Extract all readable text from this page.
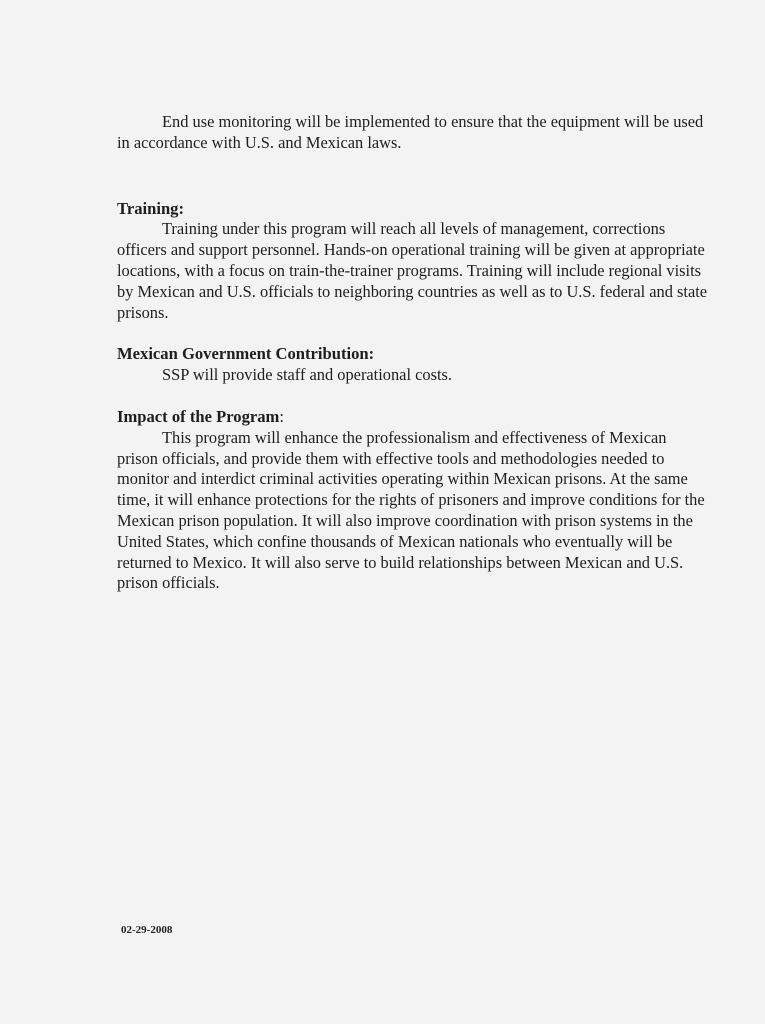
End use monitoring will be implemented to ensure that the equipment will be used in accordance with U.S. and Mexican laws.

Training:

Training under this program will reach all levels of management, corrections officers and support personnel. Hands-on operational training will be given at appropriate locations, with a focus on train-the-trainer programs. Training will include regional visits by Mexican and U.S. officials to neighboring countries as well as to U.S. federal and state prisons.

Mexican Government Contribution:

SSP will provide staff and operational costs.

Impact of the Program:

This program will enhance the professionalism and effectiveness of Mexican prison officials, and provide them with effective tools and methodologies needed to monitor and interdict criminal activities operating within Mexican prisons. At the same time, it will enhance protections for the rights of prisoners and improve conditions for the Mexican prison population. It will also improve coordination with prison systems in the United States, which confine thousands of Mexican nationals who eventually will be returned to Mexico. It will also serve to build relationships between Mexican and U.S. prison officials.

02-29-2008
